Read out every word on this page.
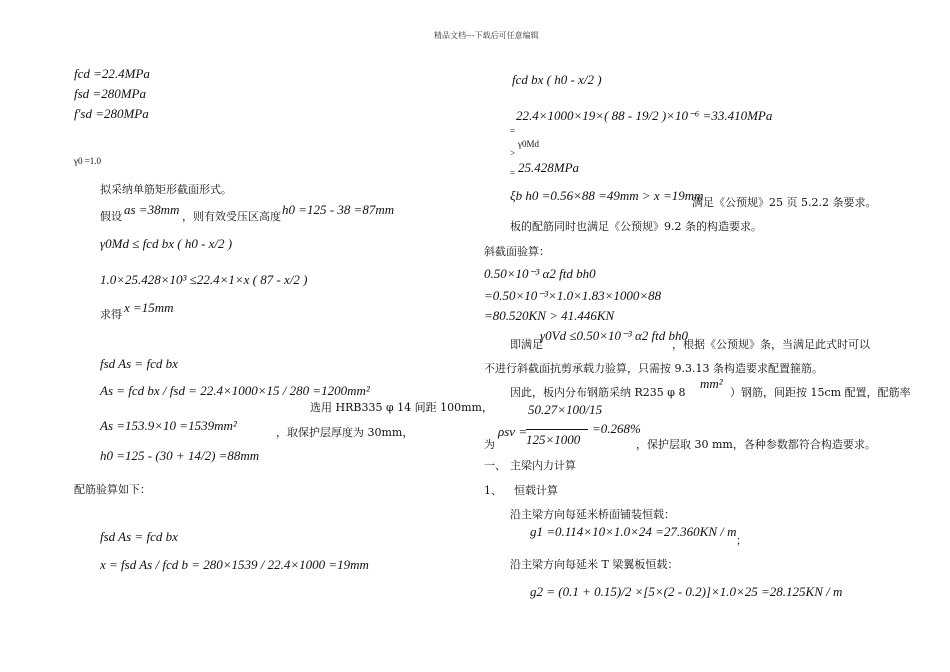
精品文档---下载后可任意编辑
fcd =22.4MPa
fsd =280MPa
f'sd =280MPa
γ0 =1.0
拟采纳单筋矩形截面形式。
假设 as =38mm ，则有效受压区高度 h0 =125 - 38 =87mm
γ0Md ≤ fcd bx ( h0 - x/2 )
1.0×25.428×10³ ≤22.4×1×x ( 87 - x/2 )
求得 x =15mm
fsd As = fcd bx
As = fcd bx / fsd = 22.4×1000×15 / 280 =1200mm²
选用 HRB335 φ 14 间距 100mm，
As =153.9×10 =1539mm²	，取保护层厚度为 30mm，
h0 =125 - (30 + 14/2) =88mm
配筋验算如下：
fsd As = fcd bx
x = fsd As / fcd b = 280×1539 / 22.4×1000 =19mm
fcd bx ( h0 - x/2 )
22.4×1000×19×( 88 - 19/2 )×10⁻⁶ =33.410MPa
=
γ0Md
>
= 25.428MPa
ξb h0 =0.56×88 =49mm > x =19mm
满足《公预规》25 页 5.2.2 条要求。
板的配筋同时也满足《公预规》9.2 条的构造要求。
斜截面验算：
0.50×10⁻³ α2 ftd bh0
=0.50×10⁻³×1.0×1.83×1000×88
=80.520KN > 41.446KN
即满足
γ0Vd ≤0.50×10⁻³ α2 ftd bh0
，根据《公预规》条，当满足此式时可以
不进行斜截面抗剪承载力验算，只需按 9.3.13 条构造要求配置箍筋。
因此，板内分布钢筋采纳 R235 φ 8
mm²
）钢筋，间距按 15cm 配置，配筋率
为
ρsv =
50.27×100/15
125×1000
=0.268%
，保护层取 30 mm，各种参数都符合构造要求。
一、 主梁内力计算
1、 恒载计算
沿主梁方向每延米桥面铺装恒载：
g1 =0.114×10×1.0×24 =27.360KN / m
；
沿主梁方向每延米 T 梁翼板恒载：
g2 = (0.1 + 0.15)/2 ×[5×(2 - 0.2)]×1.0×25 =28.125KN / m
